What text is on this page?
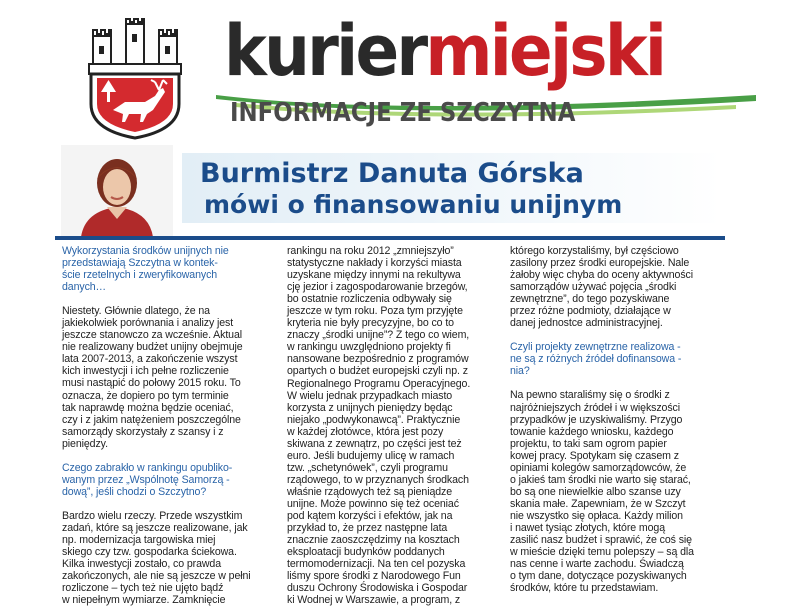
kuriermiejski
INFORMACJE ZE SZCZYTNA
Burmistrz Danuta Górska
mówi o finansowaniu unijnym

Wykorzystania środków unijnych nie
przedstawiają Szczytna w kontek-
ście rzetelnych i zweryfikowanych
danych…

Niestety. Głównie dlatego, że na
jakiekolwiek porównania i analizy jest
jeszcze stanowczo za wcześnie. Aktual
nie realizowany budżet unijny obejmuje
lata 2007-2013, a zakończenie wszyst
kich inwestycji i ich pełne rozliczenie
musi nastąpić do połowy 2015 roku. To
oznacza, że dopiero po tym terminie
tak naprawdę można będzie oceniać,
czy i z jakim natężeniem poszczególne
samorządy skorzystały z szansy i z
pieniędzy.

Czego zabrakło w rankingu opubliko-
wanym przez „Wspólnotę Samorzą -
dową”, jeśli chodzi o Szczytno?

Bardzo wielu rzeczy. Przede wszystkim
zadań, które są jeszcze realizowane, jak
np. modernizacja targowiska miej
skiego czy tzw. gospodarka ściekowa.
Kilka inwestycji zostało, co prawda
zakończonych, ale nie są jeszcze w pełni
rozliczone – tych też nie ujęto bądź
w niepełnym wymiarze. Zamknięcie

rankingu na roku 2012 „zmniejszyło”
statystyczne nakłady i korzyści miasta
uzyskane między innymi na rekultywa
cję jezior i zagospodarowanie brzegów,
bo ostatnie rozliczenia odbywały się
jeszcze w tym roku. Poza tym przyjęte
kryteria nie były precyzyjne, bo co to
znaczy „środki unijne”? Z tego co wiem,
w rankingu uwzględniono projekty fi
nansowane bezpośrednio z programów
opartych o budżet europejski czyli np. z
Regionalnego Programu Operacyjnego.
W wielu jednak przypadkach miasto
korzysta z unijnych pieniędzy będąc
niejako „podwykonawcą”. Praktycznie
w każdej złotówce, która jest pozy
skiwana z zewnątrz, po części jest też
euro. Jeśli budujemy ulicę w ramach
tzw. „schetynówek”, czyli programu
rządowego, to w przyznanych środkach
właśnie rządowych też są pieniądze
unijne. Może powinno się też oceniać
pod kątem korzyści i efektów, jak na
przykład to, że przez następne lata
znacznie zaoszczędzimy na kosztach
eksploatacji budynków poddanych
termomodernizacji. Na ten cel pozyska
liśmy spore środki z Narodowego Fun
duszu Ochrony Środowiska i Gospodar
ki Wodnej w Warszawie, a program, z

którego korzystaliśmy, był częściowo
zasilony przez środki europejskie. Nale
żałoby więc chyba do oceny aktywności
samorządów używać pojęcia „środki
zewnętrzne”, do tego pozyskiwane
przez różne podmioty, działające w
danej jednostce administracyjnej.

Czyli projekty zewnętrzne realizowa -
ne są z różnych źródeł dofinansowa -
nia?

Na pewno staraliśmy się o środki z
najróżniejszych źródeł i w większości
przypadków je uzyskiwaliśmy. Przygo
towanie każdego wniosku, każdego
projektu, to taki sam ogrom papier
kowej pracy. Spotykam się czasem z
opiniami kolegów samorządowców, że
o jakieś tam środki nie warto się starać,
bo są one niewielkie albo szanse uzy
skania małe. Zapewniam, że w Szczyt
nie wszystko się opłaca. Każdy milion
i nawet tysiąc złotych, które mogą
zasilić nasz budżet i sprawić, że coś się
w mieście dzięki temu polepszy – są dla
nas cenne i warte zachodu. Świadczą
o tym dane, dotyczące pozyskiwanych
środków, które tu przedstawiam.
